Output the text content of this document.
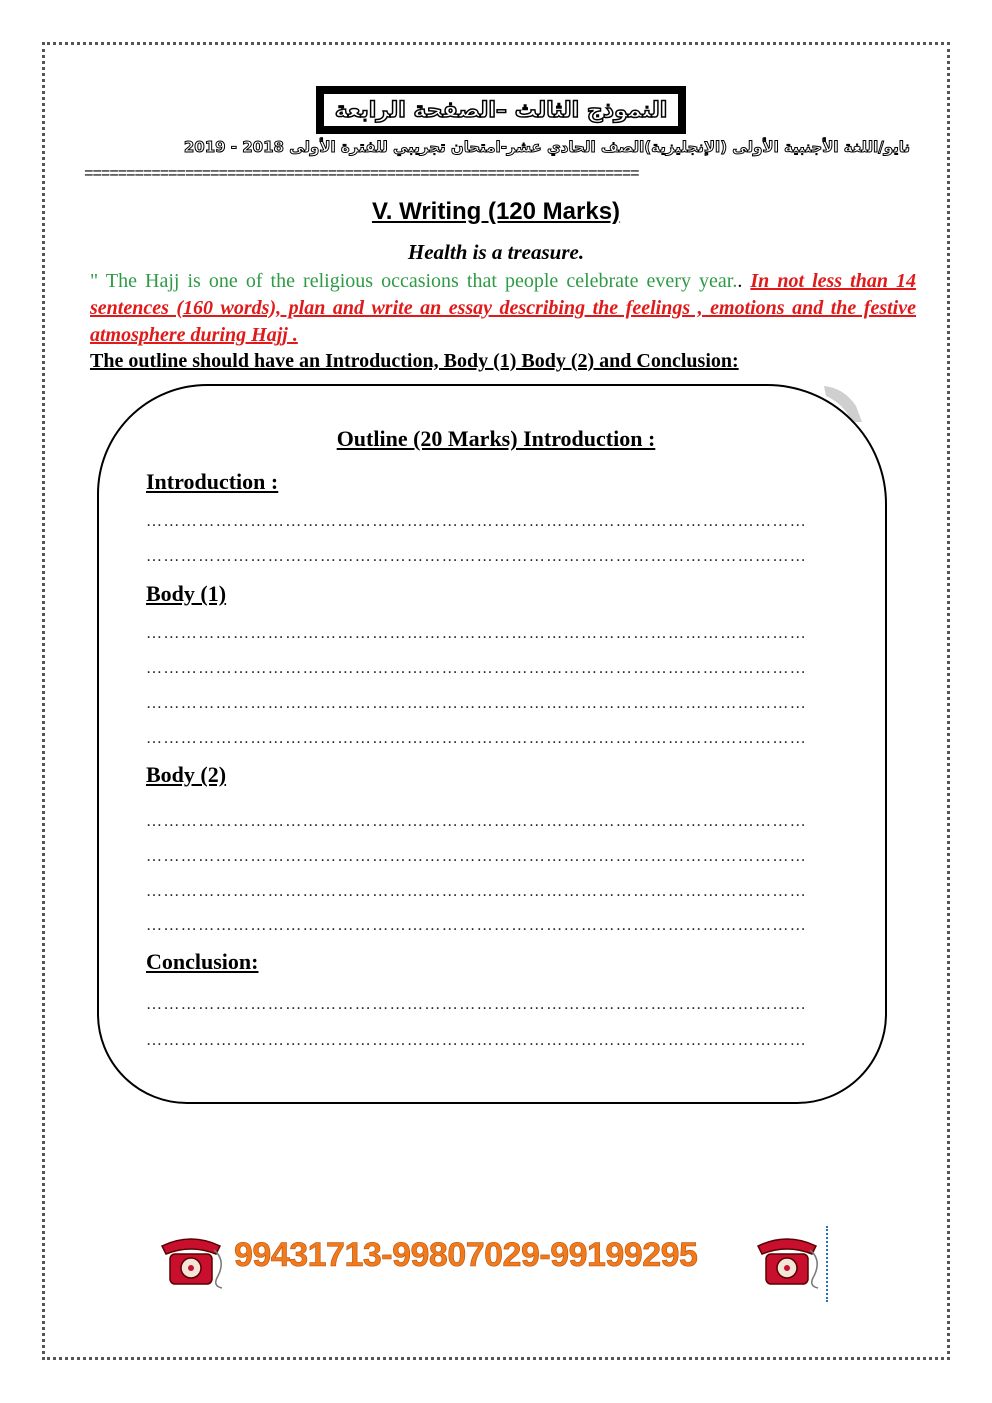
النموذج الثالث –الصفحة الرابعة
نايو/اللغة الأجنبية الأولى (الإنجليزية)الصف الحادي عشر-امتحان تجريبي للفترة الأولى 2018 - 2019
==================================================================
V. Writing (120 Marks)
Health is a treasure.
" The Hajj is one of the religious occasions that people celebrate every year.. In not less than 14 sentences (160 words), plan and write an essay describing the feelings , emotions and the festive atmosphere during Hajj .
The outline should have an Introduction, Body (1) Body (2) and Conclusion:
Outline (20 Marks) Introduction :
Introduction :
……………………………………………………………………………………………………
……………………………………………………………………………………………………
Body (1)
……………………………………………………………………………………………………
……………………………………………………………………………………………………
……………………………………………………………………………………………………
……………………………………………………………………………………………………
Body (2)
……………………………………………………………………………………………………
……………………………………………………………………………………………………
……………………………………………………………………………………………………
……………………………………………………………………………………………………
Conclusion:
……………………………………………………………………………………………………
……………………………………………………………………………………………………
99431713-99807029-99199295
